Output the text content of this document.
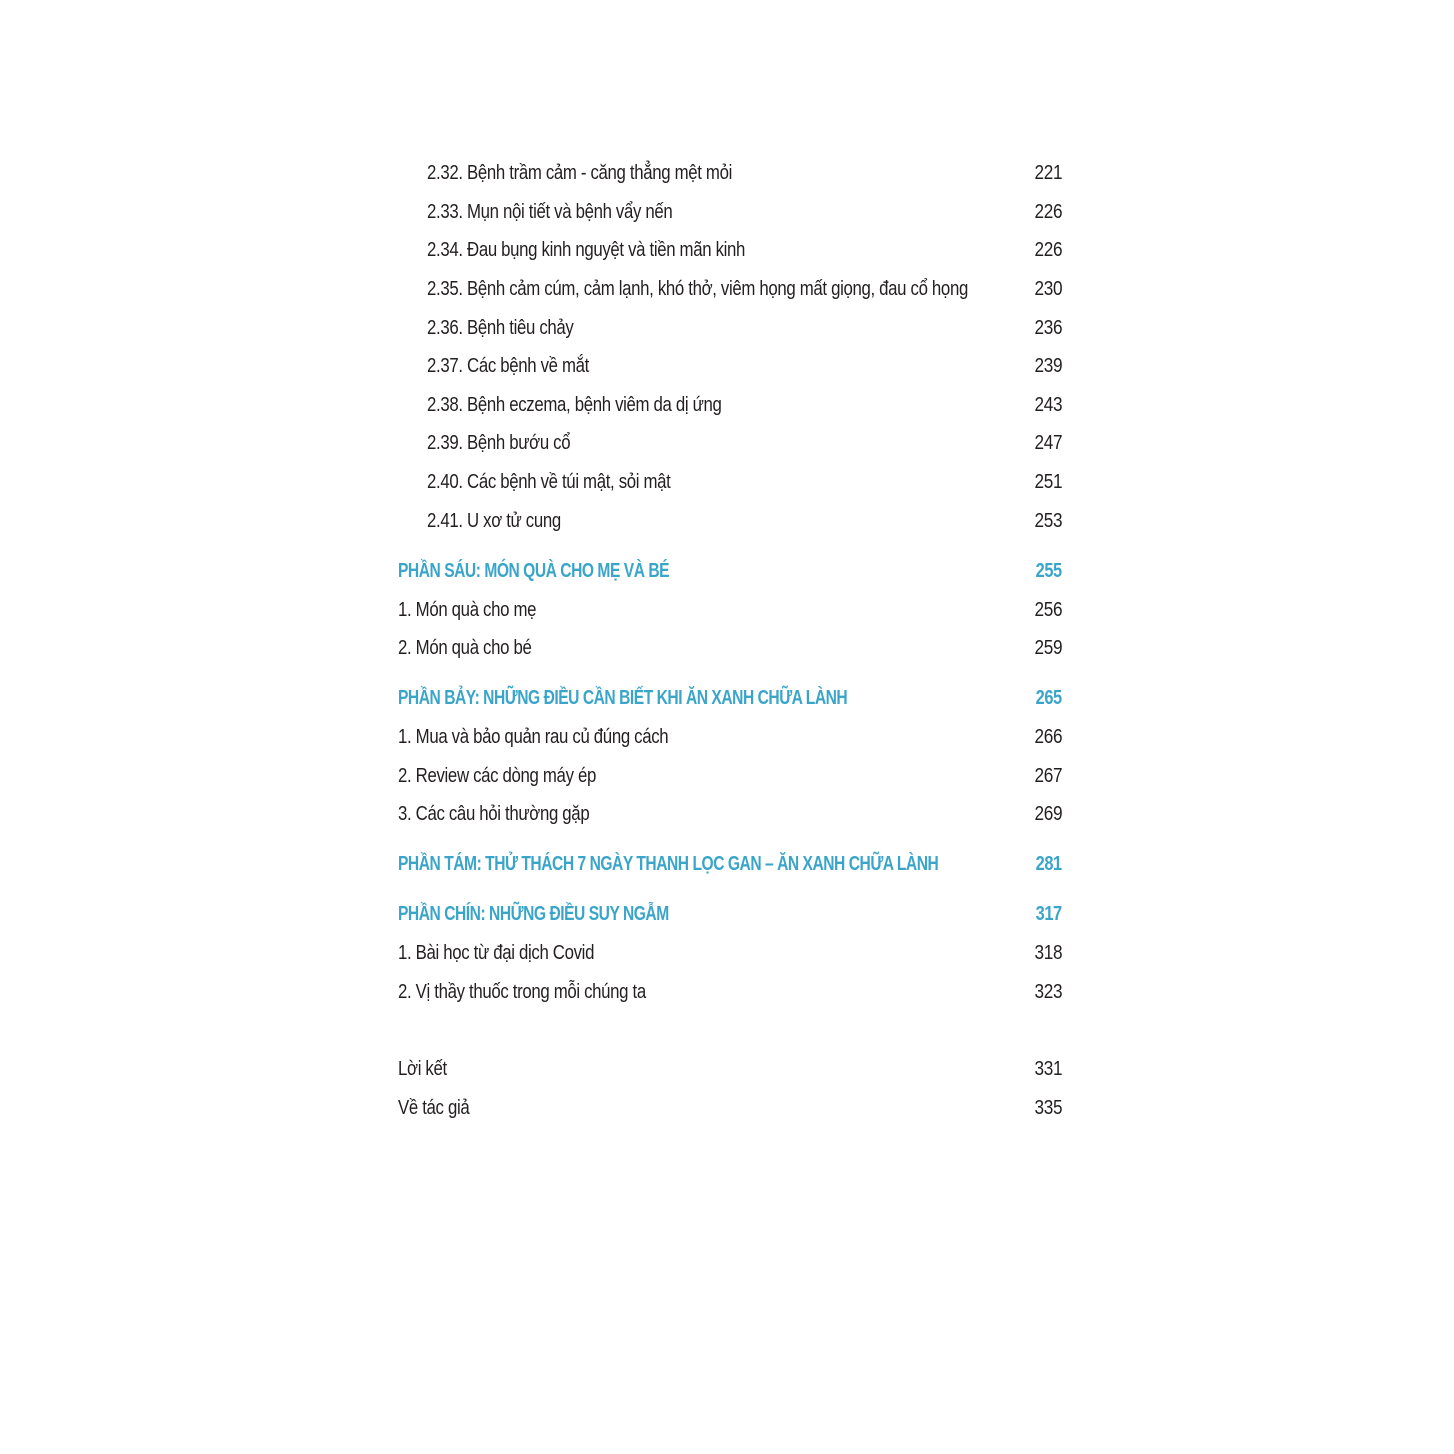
2.32. Bệnh trầm cảm - căng thẳng mệt mỏi	221
2.33. Mụn nội tiết và bệnh vẩy nến	226
2.34. Đau bụng kinh nguyệt và tiền mãn kinh	226
2.35. Bệnh cảm cúm, cảm lạnh, khó thở, viêm họng mất giọng, đau cổ họng	230
2.36. Bệnh tiêu chảy	236
2.37. Các bệnh về mắt	239
2.38. Bệnh eczema, bệnh viêm da dị ứng	243
2.39. Bệnh bướu cổ	247
2.40. Các bệnh về túi mật, sỏi mật	251
2.41. U xơ tử cung	253
PHẦN SÁU: MÓN QUÀ CHO MẸ VÀ BÉ	255
1. Món quà cho mẹ	256
2. Món quà cho bé	259
PHẦN BẢY: NHỮNG ĐIỀU CẦN BIẾT KHI ĂN XANH CHỮA LÀNH	265
1. Mua và bảo quản rau củ đúng cách	266
2. Review các dòng máy ép	267
3. Các câu hỏi thường gặp	269
PHẦN TÁM: THỬ THÁCH 7 NGÀY THANH LỌC GAN – ĂN XANH CHỮA LÀNH	281
PHẦN CHÍN: NHỮNG ĐIỀU SUY NGẪM	317
1. Bài học từ đại dịch Covid	318
2. Vị thầy thuốc trong mỗi chúng ta	323
Lời kết	331
Về tác giả	335
